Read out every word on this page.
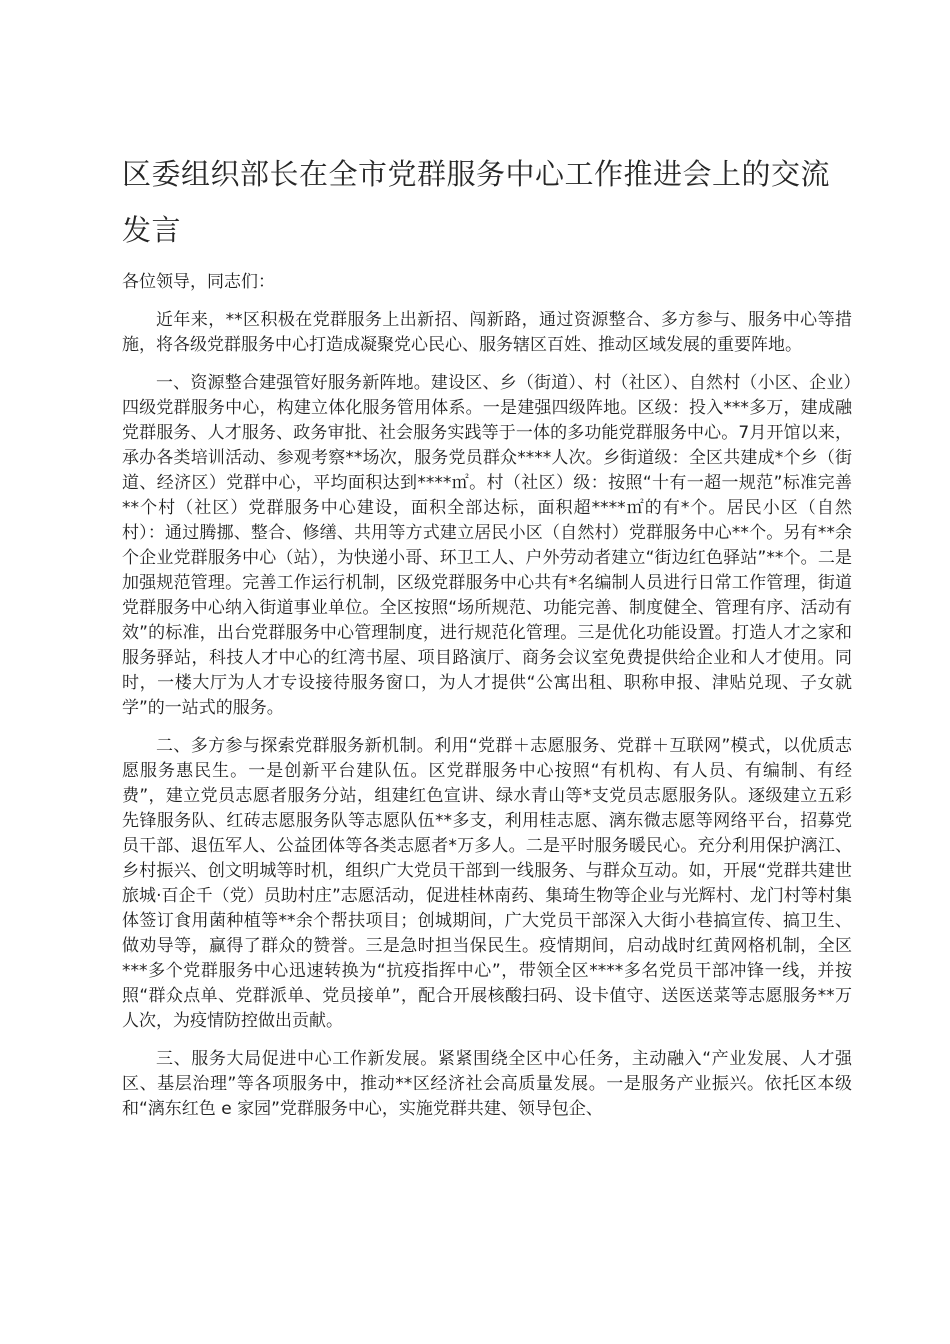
区委组织部长在全市党群服务中心工作推进会上的交流发言

各位领导，同志们：

近年来，**区积极在党群服务上出新招、闯新路，通过资源整合、多方参与、服务中心等措施，将各级党群服务中心打造成凝聚党心民心、服务辖区百姓、推动区域发展的重要阵地。

一、资源整合建强管好服务新阵地。建设区、乡（街道）、村（社区）、自然村（小区、企业）四级党群服务中心，构建立体化服务管用体系。一是建强四级阵地。区级：投入***多万，建成融党群服务、人才服务、政务审批、社会服务实践等于一体的多功能党群服务中心。7月开馆以来，承办各类培训活动、参观考察**场次，服务党员群众****人次。乡街道级：全区共建成*个乡（街道、经济区）党群中心，平均面积达到****㎡。村（社区）级：按照“十有一超一规范”标准完善**个村（社区）党群服务中心建设，面积全部达标，面积超****㎡的有*个。居民小区（自然村）：通过腾挪、整合、修缮、共用等方式建立居民小区（自然村）党群服务中心**个。另有**余个企业党群服务中心（站），为快递小哥、环卫工人、户外劳动者建立“街边红色驿站”**个。二是加强规范管理。完善工作运行机制，区级党群服务中心共有*名编制人员进行日常工作管理，街道党群服务中心纳入街道事业单位。全区按照“场所规范、功能完善、制度健全、管理有序、活动有效”的标准，出台党群服务中心管理制度，进行规范化管理。三是优化功能设置。打造人才之家和服务驿站，科技人才中心的红湾书屋、项目路演厅、商务会议室免费提供给企业和人才使用。同时，一楼大厅为人才专设接待服务窗口，为人才提供“公寓出租、职称申报、津贴兑现、子女就学”的一站式的服务。

二、多方参与探索党群服务新机制。利用“党群＋志愿服务、党群＋互联网”模式，以优质志愿服务惠民生。一是创新平台建队伍。区党群服务中心按照“有机构、有人员、有编制、有经费”，建立党员志愿者服务分站，组建红色宣讲、绿水青山等*支党员志愿服务队。逐级建立五彩先锋服务队、红砖志愿服务队等志愿队伍**多支，利用桂志愿、漓东微志愿等网络平台，招募党员干部、退伍军人、公益团体等各类志愿者*万多人。二是平时服务暖民心。充分利用保护漓江、乡村振兴、创文明城等时机，组织广大党员干部到一线服务、与群众互动。如，开展“党群共建世旅城·百企千（党）员助村庄”志愿活动，促进桂林南药、集琦生物等企业与光辉村、龙门村等村集体签订食用菌种植等**余个帮扶项目；创城期间，广大党员干部深入大街小巷搞宣传、搞卫生、做劝导等，赢得了群众的赞誉。三是急时担当保民生。疫情期间，启动战时红黄网格机制，全区***多个党群服务中心迅速转换为“抗疫指挥中心”，带领全区****多名党员干部冲锋一线，并按照“群众点单、党群派单、党员接单”，配合开展核酸扫码、设卡值守、送医送菜等志愿服务**万人次，为疫情防控做出贡献。

三、服务大局促进中心工作新发展。紧紧围绕全区中心任务，主动融入“产业发展、人才强区、基层治理”等各项服务中，推动**区经济社会高质量发展。一是服务产业振兴。依托区本级和“漓东红色 e 家园”党群服务中心，实施党群共建、领导包企、
